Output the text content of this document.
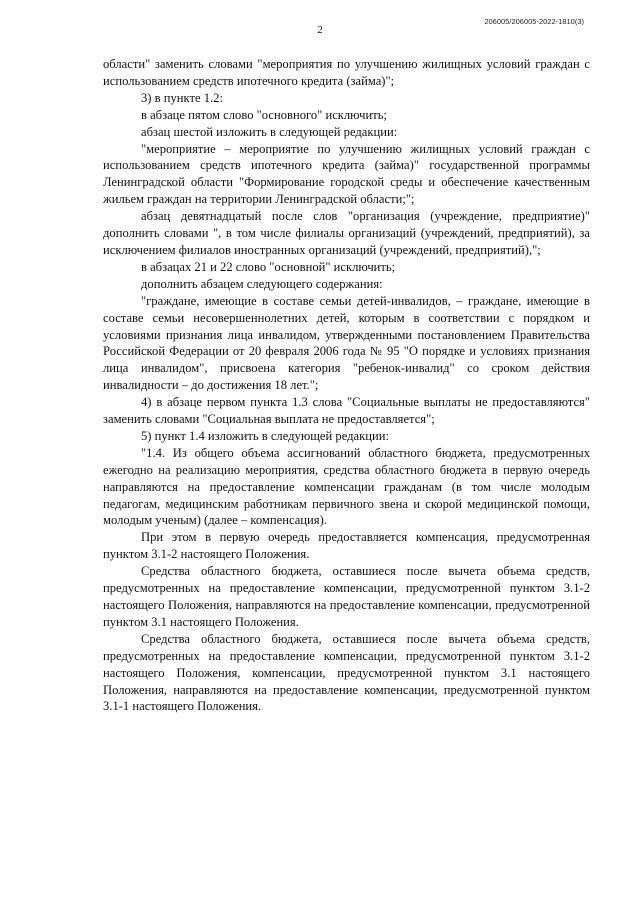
2
206005/206005-2022-1810(3)

области" заменить словами "мероприятия по улучшению жилищных условий граждан с использованием средств ипотечного кредита (займа)";

3) в пункте 1.2:

в абзаце пятом слово "основного" исключить;

абзац шестой изложить в следующей редакции:

"мероприятие – мероприятие по улучшению жилищных условий граждан с использованием средств ипотечного кредита (займа)" государственной программы Ленинградской области "Формирование городской среды и обеспечение качественным жильем граждан на территории Ленинградской области;";

абзац девятнадцатый после слов "организация (учреждение, предприятие)" дополнить словами ", в том числе филиалы организаций (учреждений, предприятий), за исключением филиалов иностранных организаций (учреждений, предприятий),";

в абзацах 21 и 22 слово "основной" исключить;

дополнить абзацем следующего содержания:

"граждане, имеющие в составе семьи детей-инвалидов, – граждане, имеющие в составе семьи несовершеннолетних детей, которым в соответствии с порядком и условиями признания лица инвалидом, утвержденными постановлением Правительства Российской Федерации от 20 февраля 2006 года № 95 "О порядке и условиях признания лица инвалидом", присвоена категория "ребенок-инвалид" со сроком действия инвалидности – до достижения 18 лет.";

4) в абзаце первом пункта 1.3 слова "Социальные выплаты не предоставляются" заменить словами "Социальная выплата не предоставляется";

5) пункт 1.4 изложить в следующей редакции:

"1.4. Из общего объема ассигнований областного бюджета, предусмотренных ежегодно на реализацию мероприятия, средства областного бюджета в первую очередь направляются на предоставление компенсации гражданам (в том числе молодым педагогам, медицинским работникам первичного звена и скорой медицинской помощи, молодым ученым) (далее – компенсация).

При этом в первую очередь предоставляется компенсация, предусмотренная пунктом 3.1-2 настоящего Положения.

Средства областного бюджета, оставшиеся после вычета объема средств, предусмотренных на предоставление компенсации, предусмотренной пунктом 3.1-2 настоящего Положения, направляются на предоставление компенсации, предусмотренной пунктом 3.1 настоящего Положения.

Средства областного бюджета, оставшиеся после вычета объема средств, предусмотренных на предоставление компенсации, предусмотренной пунктом 3.1-2 настоящего Положения, компенсации, предусмотренной пунктом 3.1 настоящего Положения, направляются на предоставление компенсации, предусмотренной пунктом 3.1-1 настоящего Положения.
